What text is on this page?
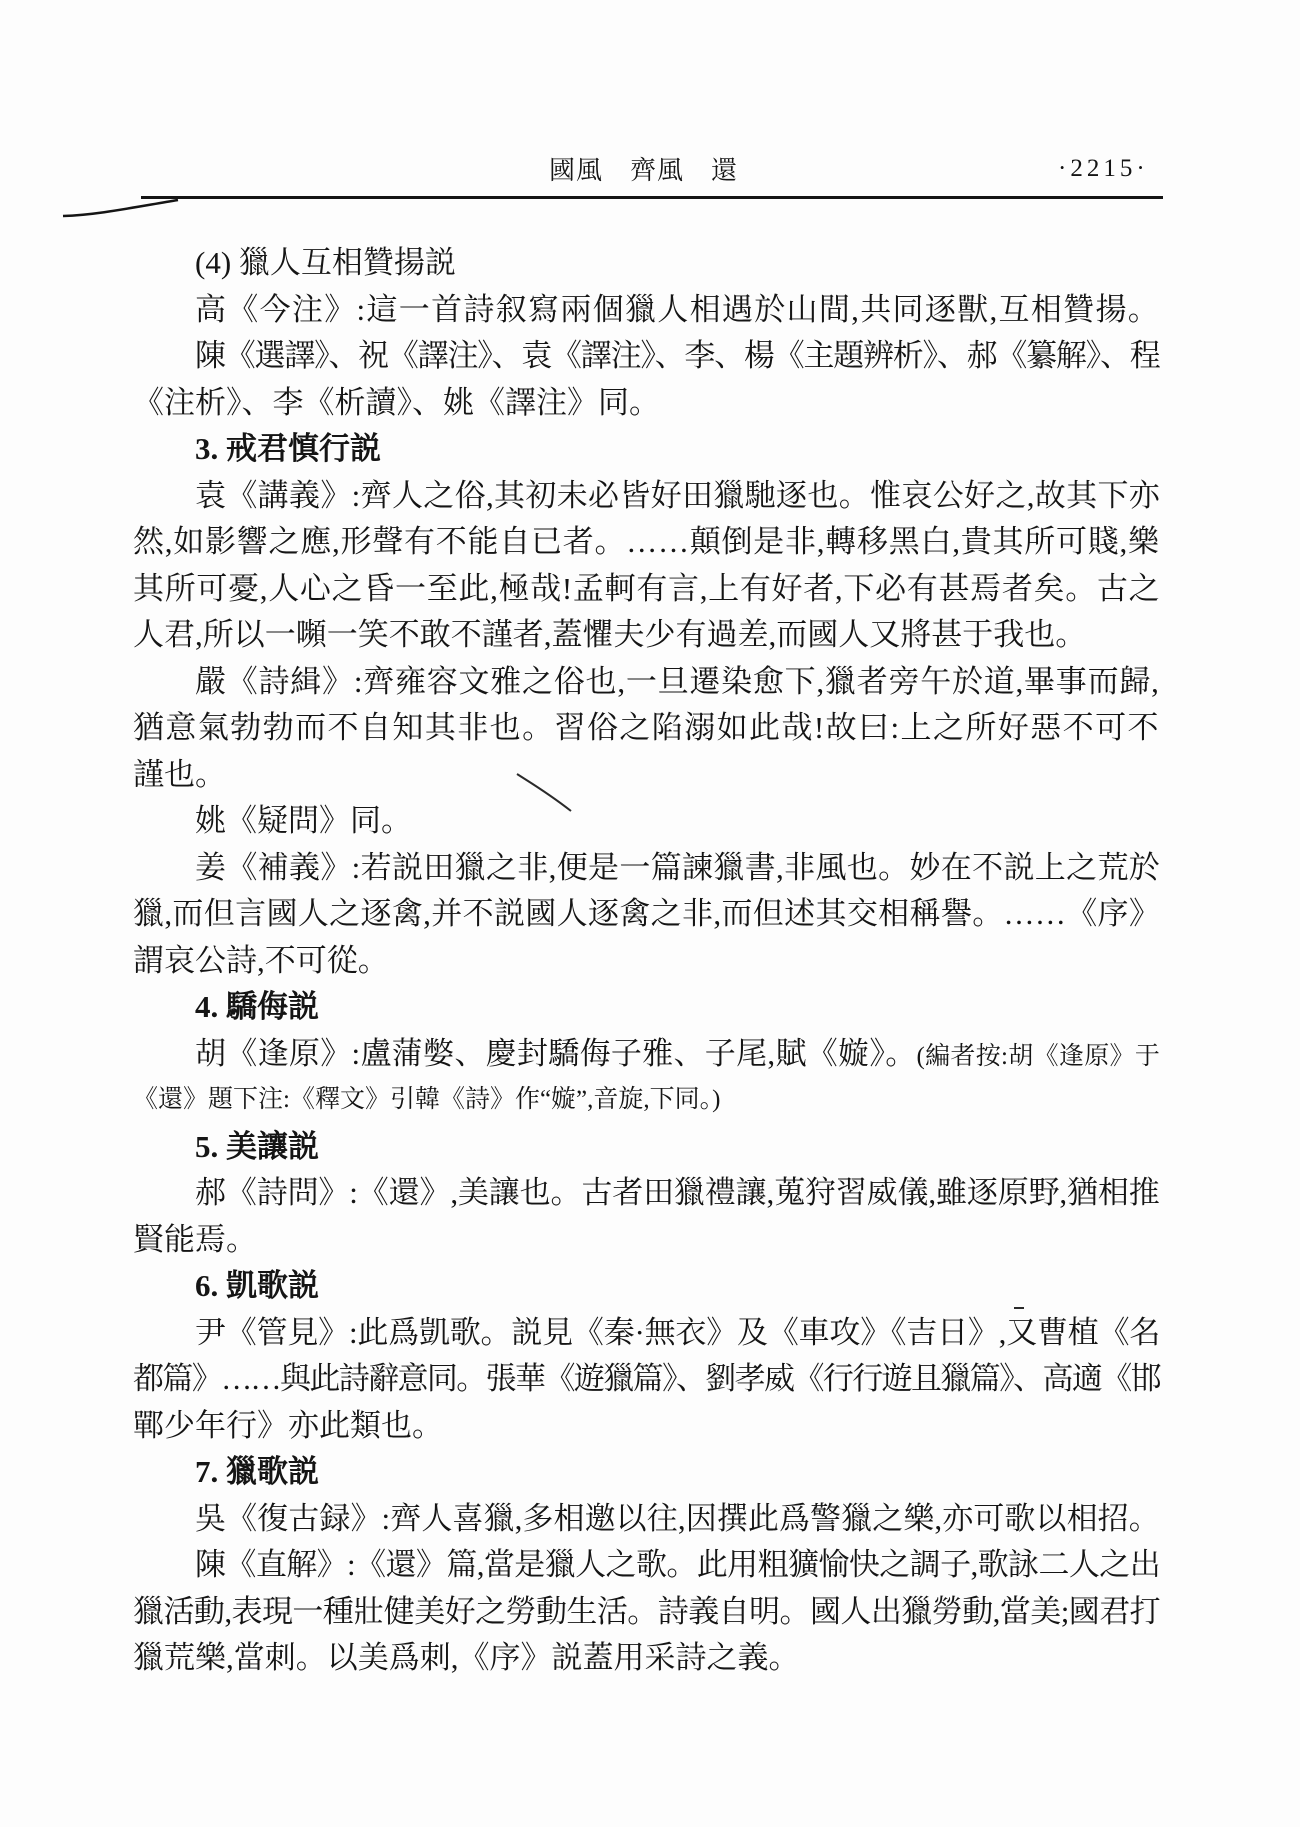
國風　齊風　還	·2215·
(4) 獵人互相贊揚説
高《今注》:這一首詩叙寫兩個獵人相遇於山間,共同逐獸,互相贊揚。
陳《選譯》、祝《譯注》、袁《譯注》、李、楊《主題辨析》、郝《纂解》、程
《注析》、李《析讀》、姚《譯注》同。
3. 戒君慎行説
袁《講義》:齊人之俗,其初未必皆好田獵馳逐也。惟哀公好之,故其下亦
然,如影響之應,形聲有不能自已者。……顛倒是非,轉移黑白,貴其所可賤,樂
其所可憂,人心之昏一至此,極哉!孟軻有言,上有好者,下必有甚焉者矣。古之
人君,所以一嚬一笑不敢不謹者,蓋懼夫少有過差,而國人又將甚于我也。
嚴《詩緝》:齊雍容文雅之俗也,一旦遷染愈下,獵者旁午於道,畢事而歸,
猶意氣勃勃而不自知其非也。習俗之陷溺如此哉!故曰:上之所好惡不可不
謹也。
姚《疑問》同。
姜《補義》:若説田獵之非,便是一篇諫獵書,非風也。妙在不説上之荒於
獵,而但言國人之逐禽,并不説國人逐禽之非,而但述其交相稱譽。……《序》
謂哀公詩,不可從。
4. 驕侮説
胡《逢原》:盧蒲嫳、慶封驕侮子雅、子尾,賦《嫙》。(編者按:胡《逢原》于
《還》題下注:《釋文》引韓《詩》作“嫙”,音旋,下同。)
5. 美讓説
郝《詩問》:《還》,美讓也。古者田獵禮讓,蒐狩習威儀,雖逐原野,猶相推
賢能焉。
6. 凱歌説
尹《管見》:此爲凱歌。説見《秦·無衣》及《車攻》《吉日》,又曹植《名
都篇》……與此詩辭意同。張華《遊獵篇》、劉孝威《行行遊且獵篇》、高適《邯
鄲少年行》亦此類也。
7. 獵歌説
吳《復古録》:齊人喜獵,多相邀以往,因撰此爲警獵之樂,亦可歌以相招。
陳《直解》:《還》篇,當是獵人之歌。此用粗獷愉快之調子,歌詠二人之出
獵活動,表現一種壯健美好之勞動生活。詩義自明。國人出獵勞動,當美;國君打
獵荒樂,當刺。以美爲刺,《序》説蓋用采詩之義。
